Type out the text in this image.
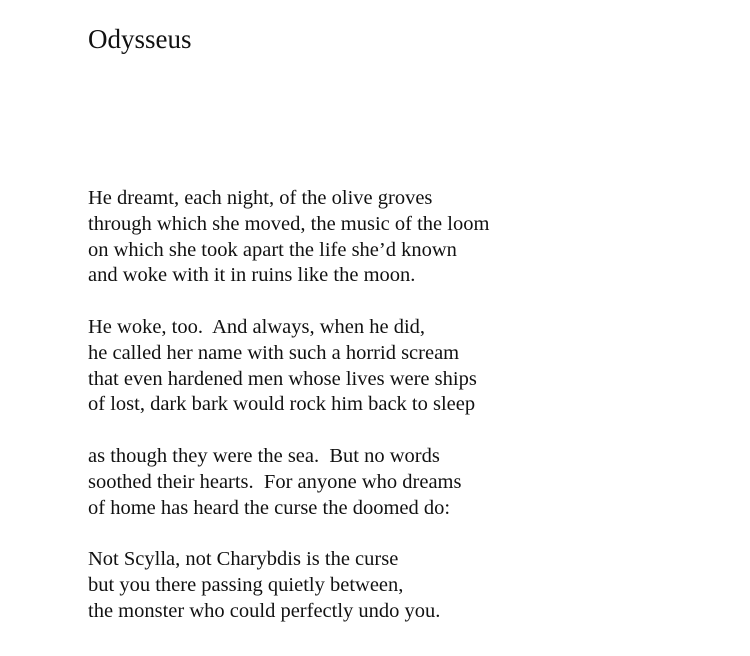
Odysseus

He dreamt, each night, of the olive groves
through which she moved, the music of the loom
on which she took apart the life she’d known
and woke with it in ruins like the moon.

He woke, too.  And always, when he did,
he called her name with such a horrid scream
that even hardened men whose lives were ships
of lost, dark bark would rock him back to sleep

as though they were the sea.  But no words
soothed their hearts.  For anyone who dreams
of home has heard the curse the doomed do:

Not Scylla, not Charybdis is the curse
but you there passing quietly between,
the monster who could perfectly undo you.
